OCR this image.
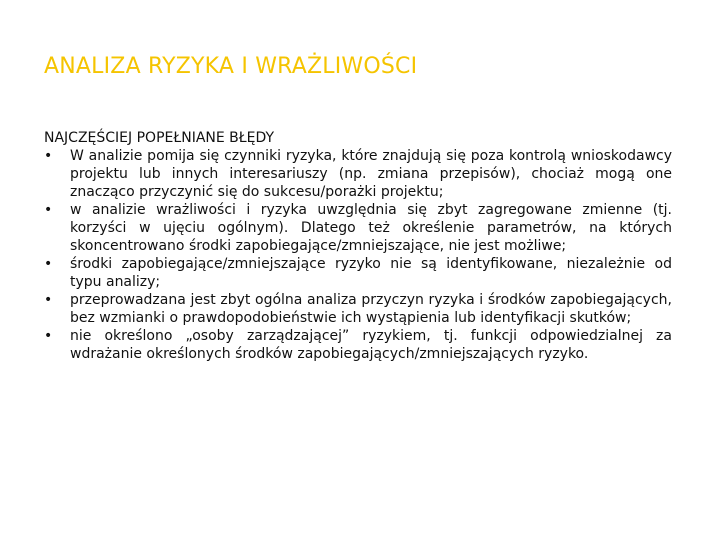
ANALIZA RYZYKA I WRAŻLIWOŚCI
NAJCZĘŚCIEJ POPEŁNIANE BŁĘDY
•	W analizie pomija się czynniki ryzyka, które znajdują się poza kontrolą wnioskodawcy projektu lub innych interesariuszy (np. zmiana przepisów), chociaż mogą one znacząco przyczynić się do sukcesu/porażki projektu;
•	w analizie wrażliwości i ryzyka uwzględnia się zbyt zagregowane zmienne (tj. korzyści w ujęciu ogólnym). Dlatego też określenie parametrów, na których skoncentrowano środki zapobiegające/zmniejszające, nie jest możliwe;
•	środki zapobiegające/zmniejszające ryzyko nie są identyfikowane, niezależnie od typu analizy;
•	przeprowadzana jest zbyt ogólna analiza przyczyn ryzyka i środków zapobiegających, bez wzmianki o prawdopodobieństwie ich wystąpienia lub identyfikacji skutków;
•	nie określono „osoby zarządzającej” ryzykiem, tj. funkcji odpowiedzialnej za wdrażanie określonych środków zapobiegających/zmniejszających ryzyko.
